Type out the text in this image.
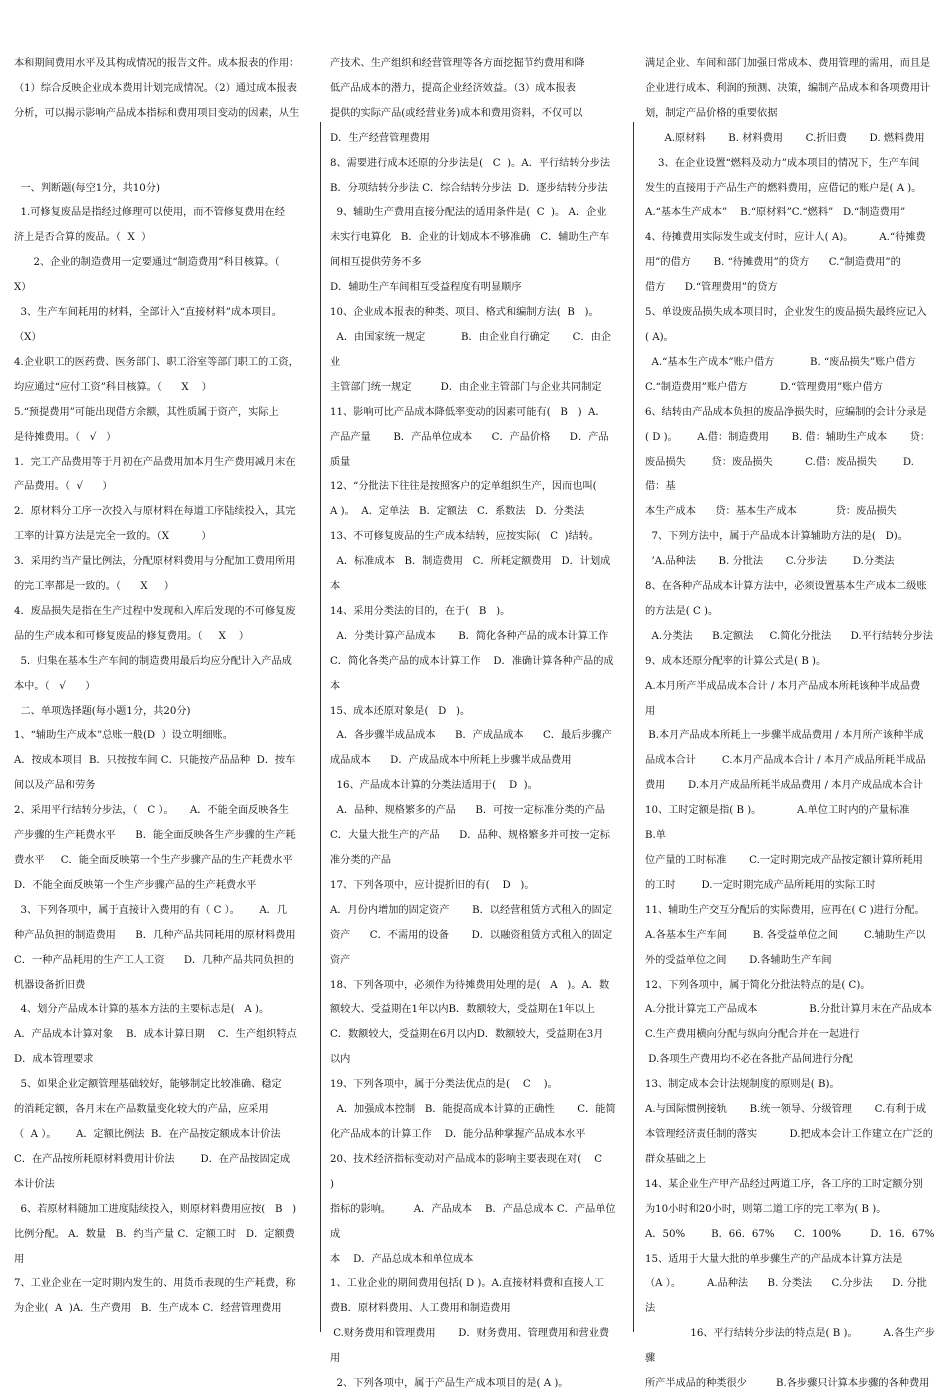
本和期间费用水平及其构成情况的报告文件。成本报表的作用：
（1）综合反映企业成本费用计划完成情况。（2）通过成本报表
分析，可以揭示影响产品成本指标和费用项目变动的因素，从生
一、判断题(每空1分，共10分)
1.可修复废品是指经过修理可以使用，而不管修复费用在经
济上是否合算的废品。（  X  ）
2、企业的制造费用一定要通过“制造费用”科目核算。（
X）
3、生产车间耗用的材料，全部计入“直接材料”成本项目。
（X）
4.企业职工的医药费、医务部门、职工浴室等部门职工的工资，
均应通过“应付工资”科目核算。（      X    ）
5.“预提费用”可能出现借方余额，其性质属于资产，实际上
是待摊费用。（   √   ）
1．完工产品费用等于月初在产品费用加本月生产费用减月末在
产品费用。（  √      ）
2．原材料分工序一次投入与原材料在每道工序陆续投入，其完
工率的计算方法是完全一致的。（X          ）
3．采用约当产量比例法，分配原材料费用与分配加工费用所用
的完工率都是一致的。（      X     ）
4．废品损失是指在生产过程中发现和入库后发现的不可修复废
品的生产成本和可修复废品的修复费用。（     X    ）
5．归集在基本生产车间的制造费用最后均应分配计入产品成
本中。（   √      ）
二、单项选择题(每小题1分，共20分)
1、“辅助生产成本”总账一般(D  ）设立明细账。
A．按成本项目  B．只按按车间 C．只能按产品品种  D．按车
间以及产品和劳务
2、采用平行结转分步法，（   C ）。     A．不能全面反映各生
产步骤的生产耗费水平      B．能全面反映各生产步骤的生产耗
费水平     C．能全面反映第一个生产步骤产品的生产耗费水平
D．不能全面反映第一个生产步骤产品的生产耗费水平
3、下列各项中，属于直接计入费用的有（ C ）。      A．几
种产品负担的制造费用      B．几种产品共同耗用的原材料费用
C．一种产品耗用的生产工人工资      D．几种产品共同负担的
机器设备折旧费
4、划分产品成本计算的基本方法的主要标志是(   A )。
A．产品成本计算对象    B．成本计算日期    C．生产组织特点
D．成本管理要求
5、如果企业定额管理基础较好，能够制定比较准确、稳定
的消耗定额，各月末在产品数量变化较大的产品，应采用
（  A ）。      A．定额比例法  B．在产品按定额成本计价法
C．在产品按所耗原材料费用计价法        D．在产品按固定成
本计价法
6、若原材料随加工进度陆续投入，则原材料费用应按(   B   )
比例分配。 A．数量   B．约当产量 C．定额工时   D．定额费
用
7、工业企业在一定时期内发生的、用货币表现的生产耗费，称
为企业(  A  )A．生产费用   B．生产成本 C．经营管理费用
产技术、生产组织和经营管理等各方面挖掘节约费用和降
低产品成本的潜力，提高企业经济效益。（3）成本报表
提供的实际产品(或经营业务)成本和费用资料，不仅可以
D．生产经营管理费用
8、需要进行成本还原的分步法是(   C  )。A．平行结转分步法
B．分项结转分步法 C．综合结转分步法  D．逐步结转分步法
9、辅助生产费用直接分配法的适用条件是(  C  )。 A．企业
未实行电算化   B．企业的计划成本不够准确   C．辅助生产车
间相互提供劳务不多
D．辅助生产车间相互受益程度有明显顺序
10、企业成本报表的种类、项目、格式和编制方法(  B   )。
A．由国家统一规定           B．由企业自行确定       C．由企业
主管部门统一规定         D．由企业主管部门与企业共同制定
11、影响可比产品成本降低率变动的因素可能有(   B   )  A．
产品产量       B．产品单位成本      C．产品价格      D．产品
质量
12、“分批法下往往是按照客户的定单组织生产，因而也叫(
A )。  A．定单法   B．定额法   C．系数法   D．分类法
13、不可修复废品的生产成本结转，应按实际(   C  )结转。
A．标准成本   B．制造费用   C．所耗定额费用   D．计划成本
14、采用分类法的目的，在于(   B   )。
A．分类计算产品成本       B．简化各种产品的成本计算工作
C．简化各类产品的成本计算工作    D．准确计算各种产品的成
本
15、成本还原对象是(   D   )。
A．各步骤半成品成本      B．产成品成本      C．最后步骤产
成品成本      D．产成品成本中所耗上步骤半成品费用
16、产品成本计算的分类法适用于(    D  )。
A．品种、规格繁多的产品      B．可按一定标准分类的产品
C．大量大批生产的产品      D．品种、规格繁多并可按一定标
准分类的产品
17、下列各项中，应计提折旧的有(    D   )。
A．月份内增加的固定资产       B．以经营租赁方式租入的固定
资产      C．不需用的设备       D．以融资租赁方式租入的固定
资产
18、下列各项中，必须作为待摊费用处理的是(   A   )。A．数
额较大、受益期在1年以内B．数额较大，受益期在1年以上
C．数额较大，受益期在6月以内D．数额较大，受益期在3月
以内
19、下列各项中，属于分类法优点的是(    C    )。
A．加强成本控制   B．能提高成本计算的正确性       C．能简
化产品成本的计算工作    D．能分品种掌握产品成本水平
20、技术经济指标变动对产品成本的影响主要表现在对(    C    )
指标的影响。       A．产品成本    B．产品总成本 C．产品单位成
本    D．产品总成本和单位成本
1、工业企业的期间费用包括( D )。A.直接材料费和直接人工
费B．原材料费用、人工费用和制造费用
C.财务费用和管理费用       D．财务费用、管理费用和营业费
用
2、下列各项中，属于产品生产成本项目的是( A )。
满足企业、车间和部门加强日常成本、费用管理的需用，而且是
企业进行成本、利润的预测、决策，编制产品成本和各项费用计
划，制定产品价格的重要依据
A.原材料       B. 材料费用       C.折旧费       D. 燃料费用
3、在企业设置“燃料及动力”成本项目的情况下，生产车间
发生的直接用于产品生产的燃料费用，应借记的账户是( A )。
A.“基本生产成本”    B.“原材料”C.“燃料”   D.“制造费用”
4、待摊费用实际发生或支付时，应计人( A)。        A.“待摊费
用”的借方       B. “待摊费用”的贷方      C.“制造费用”的
借方      D.“管理费用”的贷方
5、单设废品损失成本项目时，企业发生的废品损失最终应记入
( A)。
A.“基本生产成本”账户借方           B. “废品损失”账户借方
C.“制造费用”账户借方          D.“管理费用”账户借方
6、结转由产品成本负担的废品净损失时，应编制的会计分录是
( D )。      A.借：制造费用       B. 借：辅助生产成本       贷：
废品损失        贷：废品损失          C.借：废品损失        D. 借：基
本生产成本      贷：基本生产成本            贷：废品损失
7、下列方法中，属于产品成本计算辅助方法的是(   D)。
’A.品种法       B. 分批法       C.分步法        D.分类法
8、在各种产品成本计算方法中，必须设置基本生产成本二级账
的方法是( C )。
A.分类法      B.定额法     C.简化分批法      D.平行结转分步法
9、成本还原分配率的计算公式是( B )。
A.本月所产半成品成本合计 / 本月产品成本所耗该种半成品费
用
B.本月产品成本所耗上一步骤半成品费用 / 本月所产该种半成
品成本合计        C.本月产品成本合计 / 本月产成品所耗半成品
费用       D.本月产成品所耗半成品费用 / 本月产成品成本合计
10、工时定额是指( B )。           A.单位工时内的产量标准       B.单
位产量的工时标准       C.一定时期完成产品按定额计算所耗用
的工时        D.一定时期完成产品所耗用的实际工时
11、辅助生产交互分配后的实际费用，应再在( C )进行分配。
A.各基本生产车间        B. 各受益单位之间        C.辅助生产以
外的受益单位之间       D.各辅助生产车间
12、下列各项中，属于简化分批法特点的是( C)。
A.分批计算完工产品成本                B.分批计算月末在产品成本
C.生产费用横向分配与纵向分配合并在一起进行
D.各项生产费用均不必在各批产品间进行分配
13、制定成本会计法规制度的原则是( B)。
A.与国际惯例接轨       B.统一领导、分级管理       C.有利于成
本管理经济责任制的落实          D.把成本会计工作建立在广泛的
群众基础之上
14、某企业生产甲产品经过两道工序，各工序的工时定额分别
为10小时和20小时，则第二道工序的完工率为( B )。
A．50%        B．66．67%      C．100%         D．16．67%
15、适用于大量大批的单步骤生产的产品成本计算方法是
（A ）。        A.品种法      B. 分类法      C.分步法      D. 分批法
16、平行结转分步法的特点是( B )。        A.各生产步骤
所产半成品的种类很少         B.各步骤只计算本步骤的各种费用
